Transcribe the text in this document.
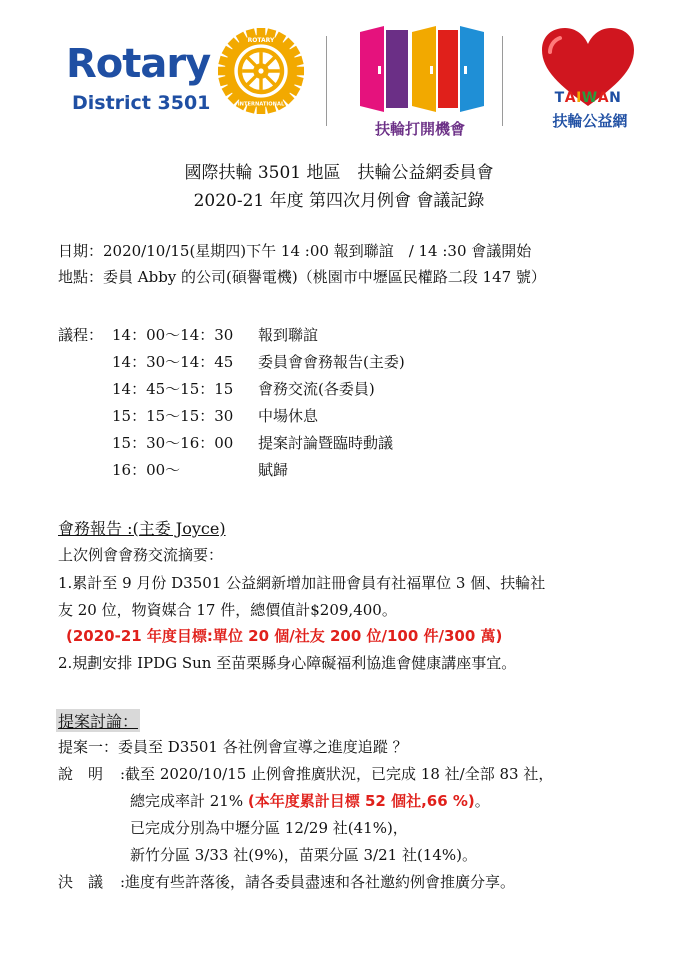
Rotary
District 3501
ROTARY
INTERNATIONAL
扶輪打開機會
TAIWAN
扶輪公益網
國際扶輪 3501 地區　扶輪公益網委員會
2020-21 年度 第四次月例會 會議記錄
日期：2020/10/15(星期四)下午 14 :00 報到聯誼　/ 14 :30 會議開始
地點：委員 Abby 的公司(碩譽電機)（桃園市中壢區民權路二段 147 號）
議程： 14：00～14：30 報到聯誼
14：30～14：45 委員會會務報告(主委)
14：45～15：15 會務交流(各委員)
15：15～15：30 中場休息
15：30～16：00 提案討論暨臨時動議
16：00～	賦歸
會務報告 :(主委 Joyce)
上次例會會務交流摘要：
1.累計至 9 月份 D3501 公益網新增加註冊會員有社福單位 3 個、扶輪社
友 20 位，物資媒合 17 件，總價值計$209,400。
(2020-21 年度目標:單位 20 個/社友 200 位/100 件/300 萬)
2.規劃安排 IPDG Sun 至苗栗縣身心障礙福利協進會健康講座事宜。
提案討論：
提案一：委員至 D3501 各社例會宣導之進度追蹤 ？
說　明 :截至 2020/10/15 止例會推廣狀況，已完成 18 社/全部 83 社，
總完成率計 21% (本年度累計目標 52 個社,66 %)。
已完成分別為中壢分區 12/29 社(41%)，
新竹分區 3/33 社(9%)，苗栗分區 3/21 社(14%)。
決　議 :進度有些許落後，請各委員盡速和各社邀約例會推廣分享。
